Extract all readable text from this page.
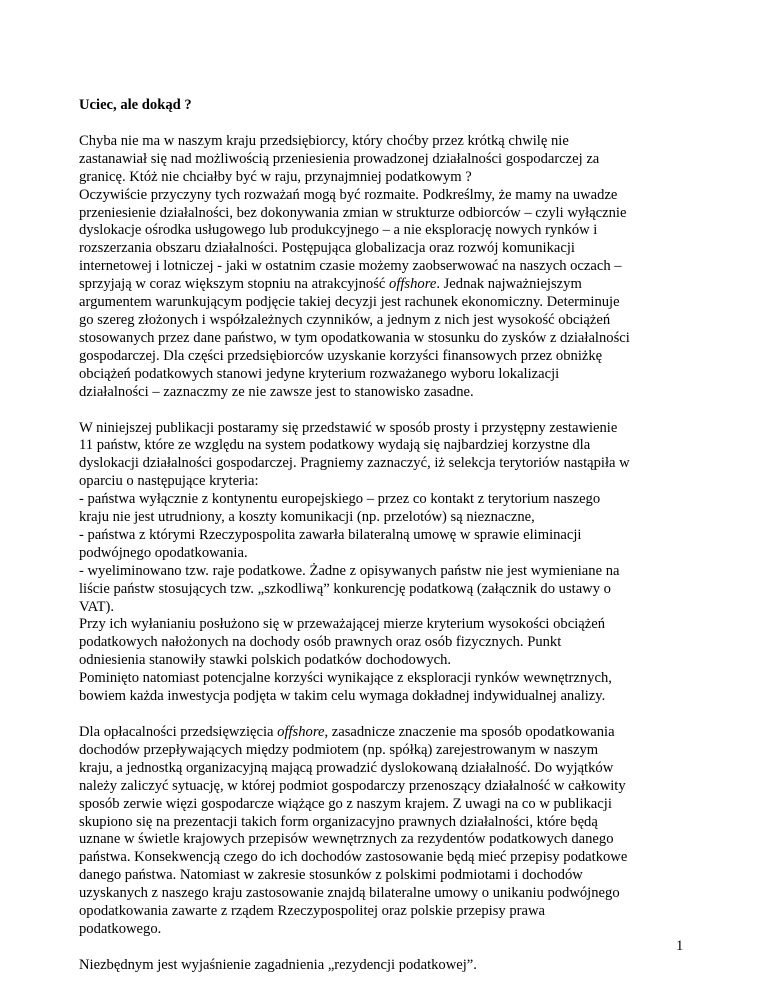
Uciec, ale dokąd ?
Chyba nie ma w naszym kraju przedsiębiorcy, który choćby przez krótką chwilę nie
zastanawiał się nad możliwością przeniesienia prowadzonej działalności gospodarczej za
granicę. Któż nie chciałby być w raju, przynajmniej podatkowym ?
Oczywiście przyczyny tych rozważań mogą być rozmaite. Podkreślmy, że mamy na uwadze
przeniesienie działalności, bez dokonywania zmian w strukturze odbiorców – czyli wyłącznie
dyslokacje ośrodka usługowego lub produkcyjnego – a nie eksplorację nowych rynków i
rozszerzania obszaru działalności. Postępująca globalizacja oraz rozwój komunikacji
internetowej i lotniczej - jaki w ostatnim czasie możemy zaobserwować na naszych oczach –
sprzyjają w coraz większym stopniu na atrakcyjność offshore. Jednak najważniejszym
argumentem warunkującym podjęcie takiej decyzji jest rachunek ekonomiczny. Determinuje
go szereg złożonych i współzależnych czynników, a jednym z nich jest wysokość obciążeń
stosowanych przez dane państwo, w tym opodatkowania w stosunku do zysków z działalności
gospodarczej. Dla części przedsiębiorców uzyskanie korzyści finansowych przez obniżkę
obciążeń podatkowych stanowi jedyne kryterium rozważanego wyboru lokalizacji
działalności – zaznaczmy ze nie zawsze jest to stanowisko zasadne.
W niniejszej publikacji postaramy się przedstawić w sposób prosty i przystępny zestawienie
11 państw, które ze względu na system podatkowy wydają się najbardziej korzystne dla
dyslokacji działalności gospodarczej. Pragniemy zaznaczyć, iż selekcja terytoriów nastąpiła w
oparciu o następujące kryteria:
- państwa wyłącznie z kontynentu europejskiego – przez co kontakt z terytorium naszego
kraju nie jest utrudniony, a koszty komunikacji (np. przelotów) są nieznaczne,
- państwa z którymi Rzeczypospolita zawarła bilateralną umowę w sprawie eliminacji
podwójnego opodatkowania.
- wyeliminowano tzw. raje podatkowe. Żadne z opisywanych państw nie jest wymieniane na
liście państw stosujących tzw. „szkodliwą” konkurencję podatkową (załącznik do ustawy o
VAT).
Przy ich wyłanianiu posłużono się w przeważającej mierze kryterium wysokości obciążeń
podatkowych nałożonych na dochody osób prawnych oraz osób fizycznych. Punkt
odniesienia stanowiły stawki polskich podatków dochodowych.
Pominięto natomiast potencjalne korzyści wynikające z eksploracji rynków wewnętrznych,
bowiem każda inwestycja podjęta w takim celu wymaga dokładnej indywidualnej analizy.
Dla opłacalności przedsięwzięcia offshore, zasadnicze znaczenie ma sposób opodatkowania
dochodów przepływających między podmiotem (np. spółką) zarejestrowanym w naszym
kraju, a jednostką organizacyjną mającą prowadzić dyslokowaną działalność. Do wyjątków
należy zaliczyć sytuację, w której podmiot gospodarczy przenoszący działalność w całkowity
sposób zerwie więzi gospodarcze wiążące go z naszym krajem. Z uwagi na co w publikacji
skupiono się na prezentacji takich form organizacyjno prawnych działalności, które będą
uznane w świetle krajowych przepisów wewnętrznych za rezydentów podatkowych danego
państwa. Konsekwencją czego do ich dochodów zastosowanie będą mieć przepisy podatkowe
danego państwa. Natomiast w zakresie stosunków z polskimi podmiotami i dochodów
uzyskanych z naszego kraju zastosowanie znajdą bilateralne umowy o unikaniu podwójnego
opodatkowania zawarte z rządem Rzeczypospolitej oraz polskie przepisy prawa
podatkowego.
Niezbędnym jest wyjaśnienie zagadnienia „rezydencji podatkowej”.
1
